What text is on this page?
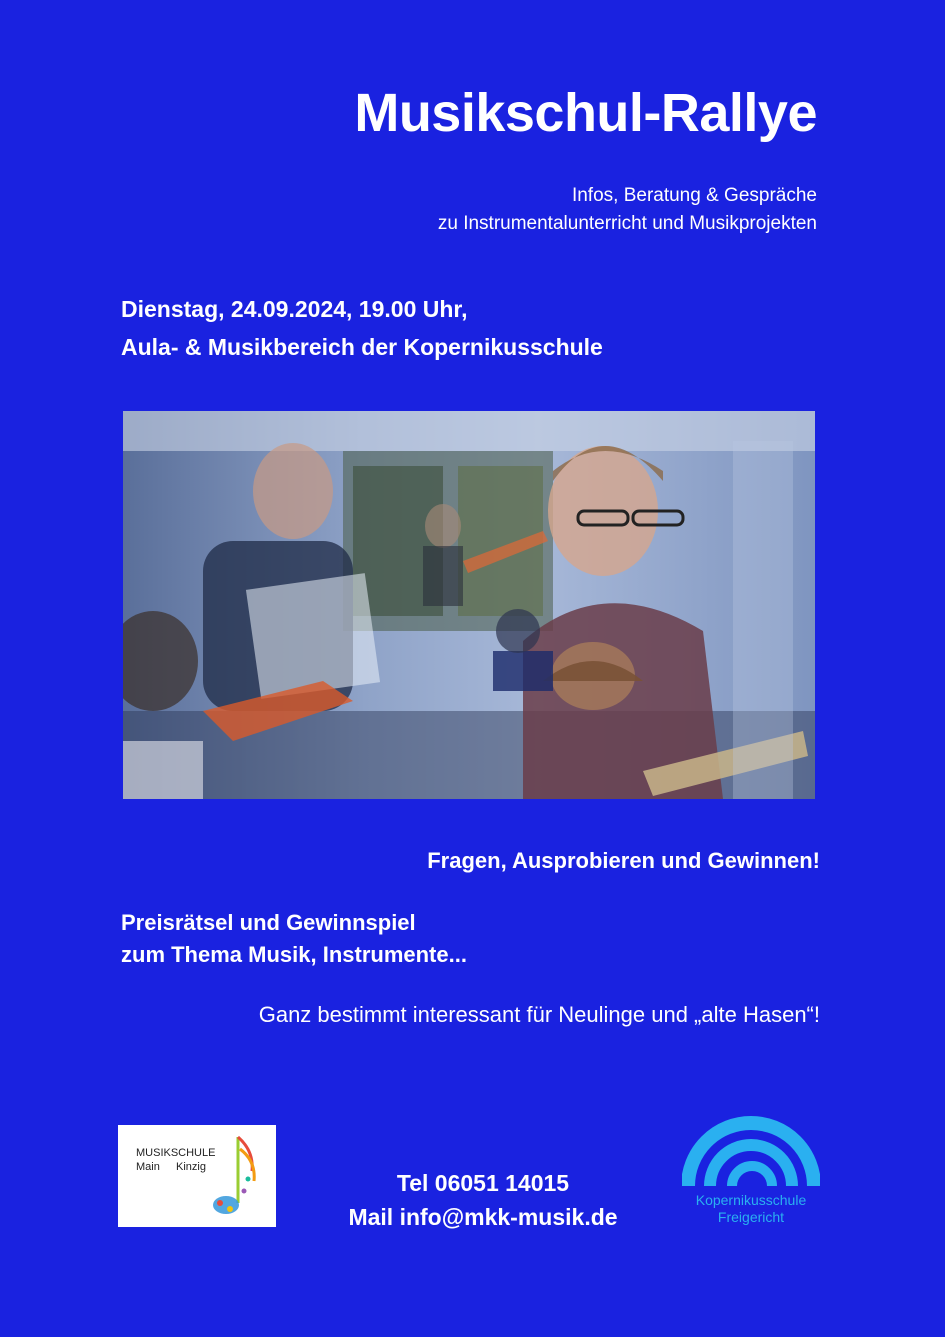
Musikschul-Rallye
Infos, Beratung & Gespräche
zu Instrumentalunterricht und Musikprojekten
Dienstag, 24.09.2024, 19.00 Uhr,
Aula- & Musikbereich der Kopernikusschule
Fragen, Ausprobieren und Gewinnen!
Preisrätsel und Gewinnspiel
zum Thema Musik, Instrumente...
Ganz bestimmt interessant für Neulinge und „alte Hasen“!
MUSIKSCHULE
Main Kinzig
Tel 06051 14015
Mail info@mkk-musik.de
Kopernikusschule
Freigericht
